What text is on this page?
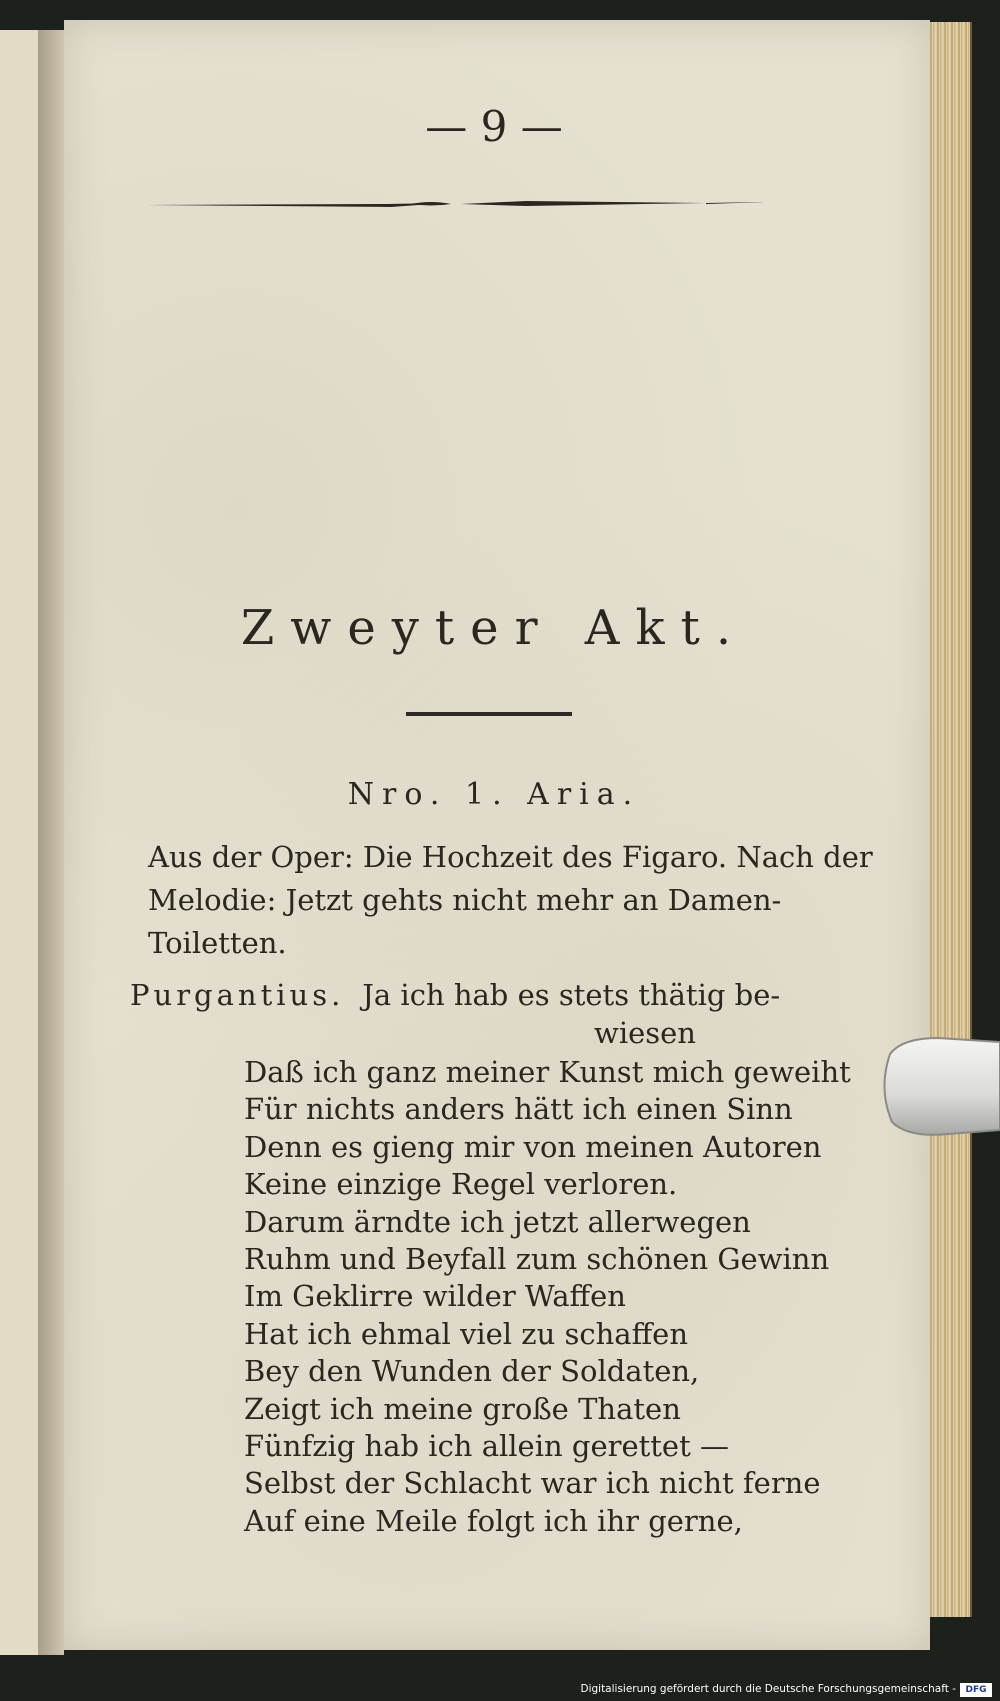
— 9 —
Zweyter Akt.
Nro. 1. Aria.
Aus der Oper: Die Hochzeit des Figaro. Nach der
Melodie: Jetzt gehts nicht mehr an Damen-
Toiletten.
Purgantius. Ja ich hab es stets thätig be-
wiesen
Daß ich ganz meiner Kunst mich geweiht
Für nichts anders hätt ich einen Sinn
Denn es gieng mir von meinen Autoren
Keine einzige Regel verloren.
Darum ärndte ich jetzt allerwegen
Ruhm und Beyfall zum schönen Gewinn
Im Geklirre wilder Waffen
Hat ich ehmal viel zu schaffen
Bey den Wunden der Soldaten,
Zeigt ich meine große Thaten
Fünfzig hab ich allein gerettet —
Selbst der Schlacht war ich nicht ferne
Auf eine Meile folgt ich ihr gerne,
Digitalisierung gefördert durch die Deutsche Forschungsgemeinschaft -	DFG
